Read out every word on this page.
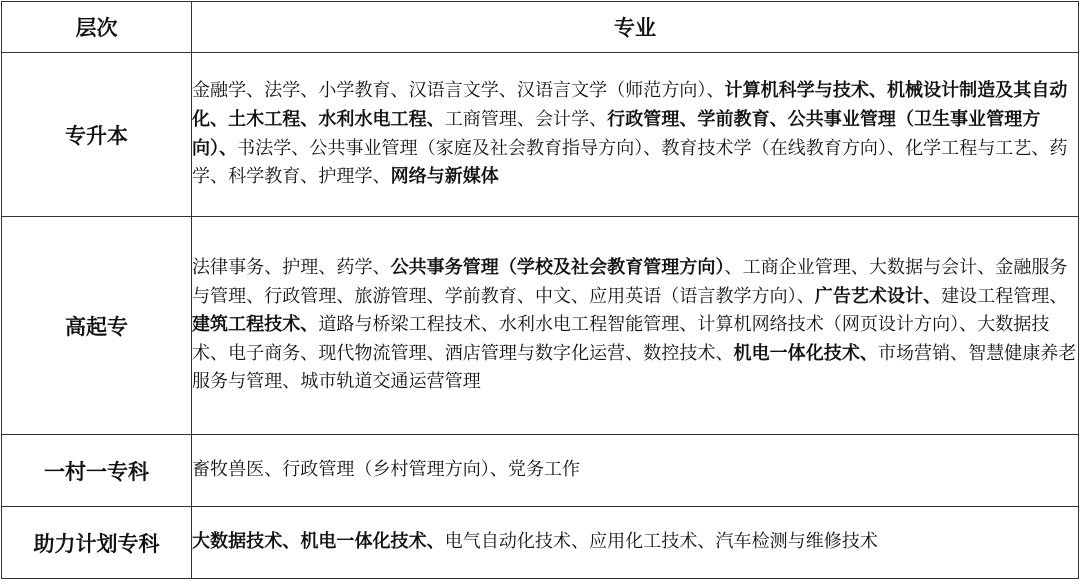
层次	专业
专升本	金融学、法学、小学教育、汉语言文学、汉语言文学（师范方向）、计算机科学与技术、机械设计制造及其自动化、土木工程、水利水电工程、工商管理、会计学、行政管理、学前教育、公共事业管理（卫生事业管理方向）、书法学、公共事业管理（家庭及社会教育指导方向）、教育技术学（在线教育方向）、化学工程与工艺、药学、科学教育、护理学、网络与新媒体
高起专	法律事务、护理、药学、公共事务管理（学校及社会教育管理方向）、工商企业管理、大数据与会计、金融服务与管理、行政管理、旅游管理、学前教育、中文、应用英语（语言教学方向）、广告艺术设计、建设工程管理、建筑工程技术、道路与桥梁工程技术、水利水电工程智能管理、计算机网络技术（网页设计方向）、大数据技术、电子商务、现代物流管理、酒店管理与数字化运营、数控技术、机电一体化技术、市场营销、智慧健康养老服务与管理、城市轨道交通运营管理
一村一专科	畜牧兽医、行政管理（乡村管理方向）、党务工作
助力计划专科	大数据技术、机电一体化技术、电气自动化技术、应用化工技术、汽车检测与维修技术
